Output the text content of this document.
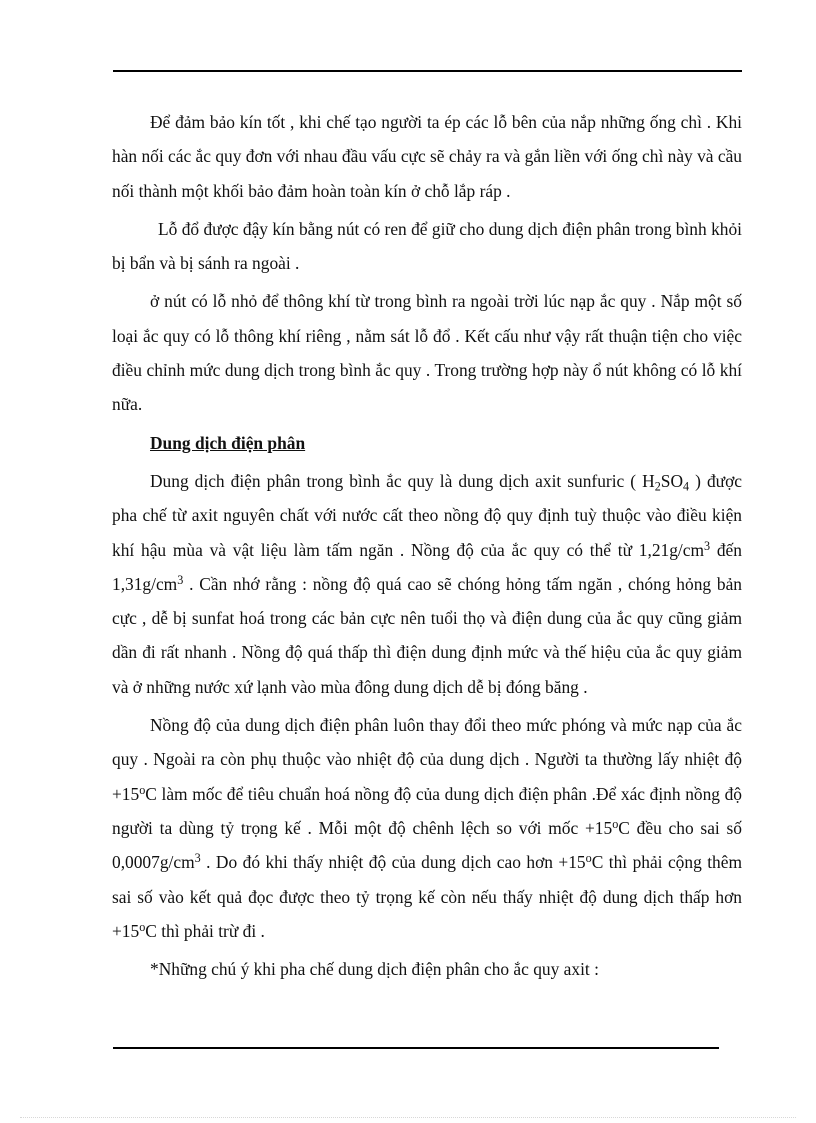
Để đảm bảo kín tốt , khi chế tạo người ta ép các lỗ bên của nắp những ống chì . Khi hàn nối các ắc quy đơn với nhau đầu vấu cực sẽ chảy ra và gắn liền với ống chì này và cầu nối thành một khối bảo đảm hoàn toàn kín ở chỗ lắp ráp .

Lỗ đổ được đậy kín bằng nút có ren để giữ cho dung dịch điện phân trong bình khỏi bị bẩn và bị sánh ra ngoài .

ở nút có lỗ nhỏ để thông khí từ trong bình ra ngoài trời lúc nạp ắc quy . Nắp một số loại ắc quy có lỗ thông khí riêng , nằm sát lỗ đổ . Kết cấu như vậy rất thuận tiện cho việc điều chỉnh mức dung dịch trong bình ắc quy . Trong trường hợp này ổ nút không có lỗ khí nữa.

Dung dịch điện phân

Dung dịch điện phân trong bình ắc quy là dung dịch axit sunfuric ( $H_2SO_4$ ) được pha chế từ axit nguyên chất với nước cất theo nồng độ quy định tuỳ thuộc vào điều kiện khí hậu mùa và vật liệu làm tấm ngăn . Nồng độ của ắc quy có thể từ $1,21g/cm^3$ đến $1,31g/cm^3$ . Cần nhớ rằng : nồng độ quá cao sẽ chóng hỏng tấm ngăn , chóng hỏng bản cực , dễ bị sunfat hoá trong các bản cực nên tuổi thọ và điện dung của ắc quy cũng giảm dần đi rất nhanh . Nồng độ quá thấp thì điện dung định mức và thế hiệu của ắc quy giảm và ở những nước xứ lạnh vào mùa đông dung dịch dễ bị đóng băng .

Nồng độ của dung dịch điện phân luôn thay đổi theo mức phóng và mức nạp của ắc quy . Ngoài ra còn phụ thuộc vào nhiệt độ của dung dịch . Người ta thường lấy nhiệt độ $+15^oC$ làm mốc để tiêu chuẩn hoá nồng độ của dung dịch điện phân .Để xác định nồng độ người ta dùng tỷ trọng kế . Mỗi một độ chênh lệch so với mốc $+15^oC$ đều cho sai số $0,0007g/cm^3$ . Do đó khi thấy nhiệt độ của dung dịch cao hơn $+15^oC$ thì phải cộng thêm sai số vào kết quả đọc được theo tỷ trọng kế còn nếu thấy nhiệt độ dung dịch thấp hơn $+15^oC$ thì phải trừ đi .

*Những chú ý khi pha chế dung dịch điện phân cho ắc quy axit :
